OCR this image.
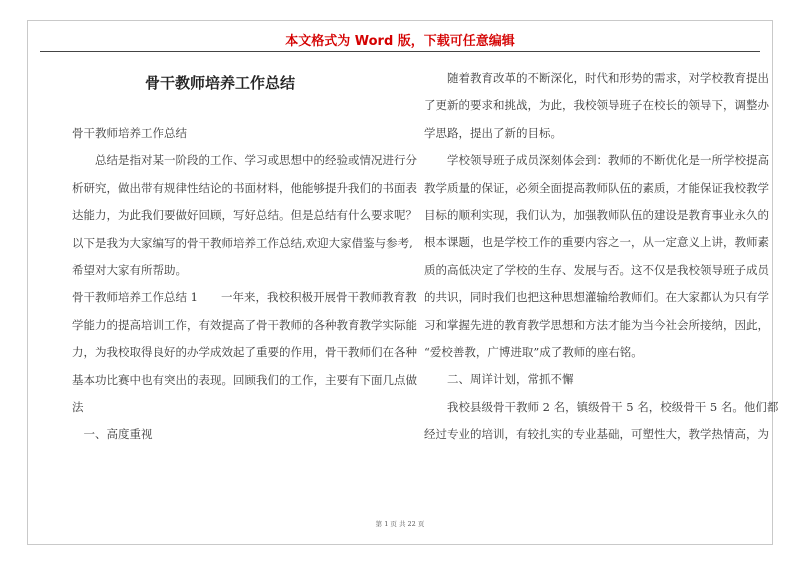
本文格式为 Word 版，下载可任意编辑
骨干教师培养工作总结

骨干教师培养工作总结

　　总结是指对某一阶段的工作、学习或思想中的经验或情况进行分

析研究，做出带有规律性结论的书面材料，他能够提升我们的书面表

达能力，为此我们要做好回顾，写好总结。但是总结有什么要求呢？

以下是我为大家编写的骨干教师培养工作总结,欢迎大家借鉴与参考,

希望对大家有所帮助。

骨干教师培养工作总结 1　　一年来，我校积极开展骨干教师教育教

学能力的提高培训工作，有效提高了骨干教师的各种教育教学实际能

力，为我校取得良好的办学成效起了重要的作用，骨干教师们在各种

基本功比赛中也有突出的表现。回顾我们的工作，主要有下面几点做

法

　一、高度重视

　　随着教育改革的不断深化，时代和形势的需求，对学校教育提出

了更新的要求和挑战，为此，我校领导班子在校长的领导下，调整办

学思路，提出了新的目标。

　　学校领导班子成员深刻体会到：教师的不断优化是一所学校提高

教学质量的保证，必须全面提高教师队伍的素质，才能保证我校教学

目标的顺利实现，我们认为，加强教师队伍的建设是教育事业永久的

根本课题，也是学校工作的重要内容之一，从一定意义上讲，教师素

质的高低决定了学校的生存、发展与否。这不仅是我校领导班子成员

的共识，同时我们也把这种思想灌输给教师们。在大家都认为只有学

习和掌握先进的教育教学思想和方法才能为当今社会所接纳，因此，

“爱校善教，广博进取”成了教师的座右铭。

　　二、周详计划，常抓不懈

　　我校县级骨干教师 2 名，镇级骨干 5 名，校级骨干 5 名。他们都

经过专业的培训，有较扎实的专业基础，可塑性大，教学热情高，为

第 1 页 共 22 页
